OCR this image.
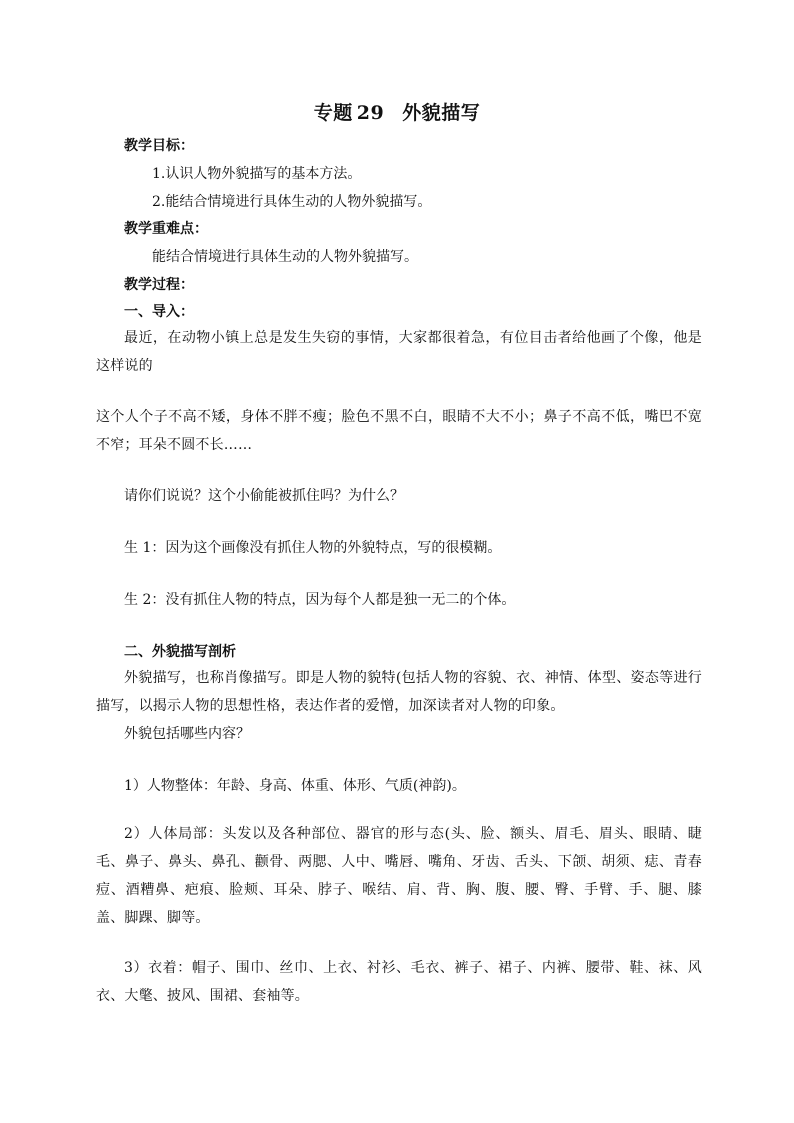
专题 29 外貌描写
教学目标：
1.认识人物外貌描写的基本方法。
2.能结合情境进行具体生动的人物外貌描写。
教学重难点：
能结合情境进行具体生动的人物外貌描写。
教学过程：
一、导入：
最近，在动物小镇上总是发生失窃的事情，大家都很着急，有位目击者给他画了个像，他是这样说的
这个人个子不高不矮，身体不胖不瘦；脸色不黑不白，眼睛不大不小；鼻子不高不低，嘴巴不宽不窄；耳朵不圆不长……
请你们说说？这个小偷能被抓住吗？为什么？
生 1：因为这个画像没有抓住人物的外貌特点，写的很模糊。
生 2：没有抓住人物的特点，因为每个人都是独一无二的个体。
二、外貌描写剖析
外貌描写，也称肖像描写。即是人物的貌特(包括人物的容貌、衣、神情、体型、姿态等进行描写，以揭示人物的思想性格，表达作者的爱憎，加深读者对人物的印象。
外貌包括哪些内容？
1）人物整体：年龄、身高、体重、体形、气质(神韵)。
2）人体局部：头发以及各种部位、器官的形与态(头、脸、额头、眉毛、眉头、眼睛、睫毛、鼻子、鼻头、鼻孔、颧骨、两腮、人中、嘴唇、嘴角、牙齿、舌头、下颌、胡须、痣、青春痘、酒糟鼻、疤痕、脸颊、耳朵、脖子、喉结、肩、背、胸、腹、腰、臀、手臂、手、腿、膝盖、脚踝、脚等。
3）衣着：帽子、围巾、丝巾、上衣、衬衫、毛衣、裤子、裙子、内裤、腰带、鞋、袜、风衣、大氅、披风、围裙、套袖等。
